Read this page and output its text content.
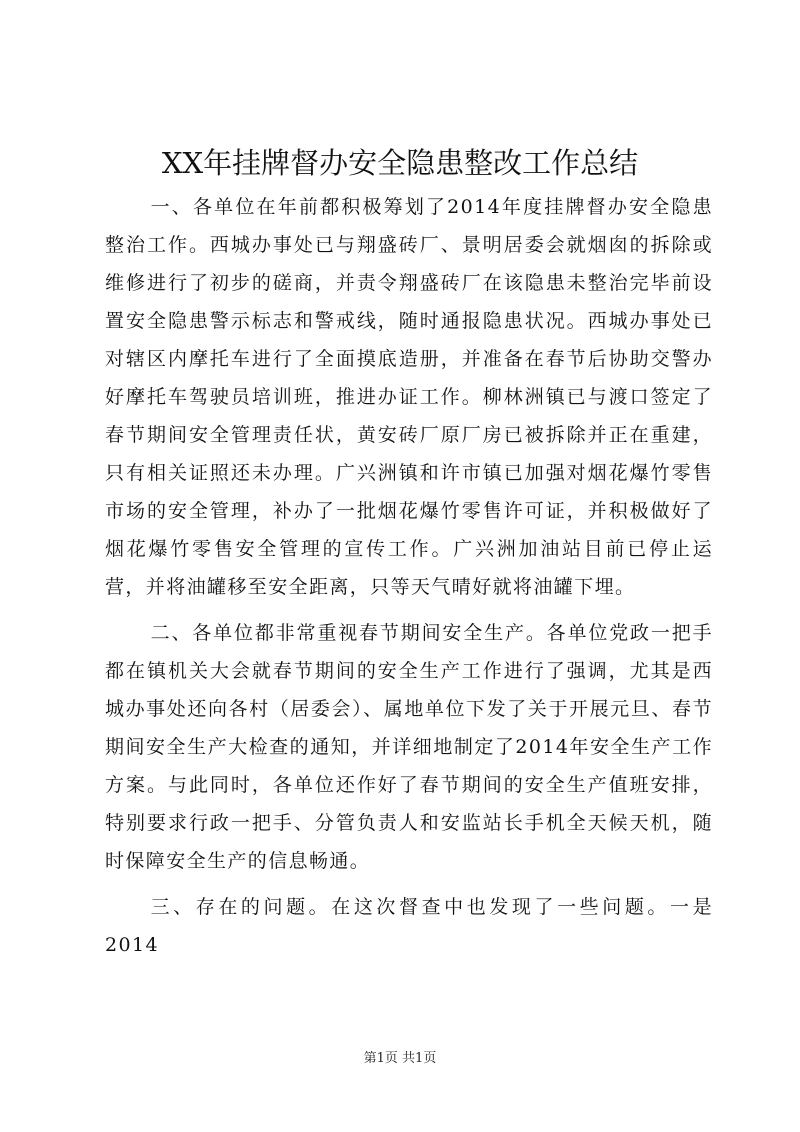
XX年挂牌督办安全隐患整改工作总结

一、各单位在年前都积极筹划了2014年度挂牌督办安全隐患整治工作。西城办事处已与翔盛砖厂、景明居委会就烟囱的拆除或维修进行了初步的磋商，并责令翔盛砖厂在该隐患未整治完毕前设置安全隐患警示标志和警戒线，随时通报隐患状况。西城办事处已对辖区内摩托车进行了全面摸底造册，并准备在春节后协助交警办好摩托车驾驶员培训班，推进办证工作。柳林洲镇已与渡口签定了春节期间安全管理责任状，黄安砖厂原厂房已被拆除并正在重建，只有相关证照还未办理。广兴洲镇和许市镇已加强对烟花爆竹零售市场的安全管理，补办了一批烟花爆竹零售许可证，并积极做好了烟花爆竹零售安全管理的宣传工作。广兴洲加油站目前已停止运营，并将油罐移至安全距离，只等天气晴好就将油罐下埋。

二、各单位都非常重视春节期间安全生产。各单位党政一把手都在镇机关大会就春节期间的安全生产工作进行了强调，尤其是西城办事处还向各村（居委会）、属地单位下发了关于开展元旦、春节期间安全生产大检查的通知，并详细地制定了2014年安全生产工作方案。与此同时，各单位还作好了春节期间的安全生产值班安排，特别要求行政一把手、分管负责人和安监站长手机全天候天机，随时保障安全生产的信息畅通。

三、存在的问题。在这次督查中也发现了一些问题。一是2014

第1页 共1页
